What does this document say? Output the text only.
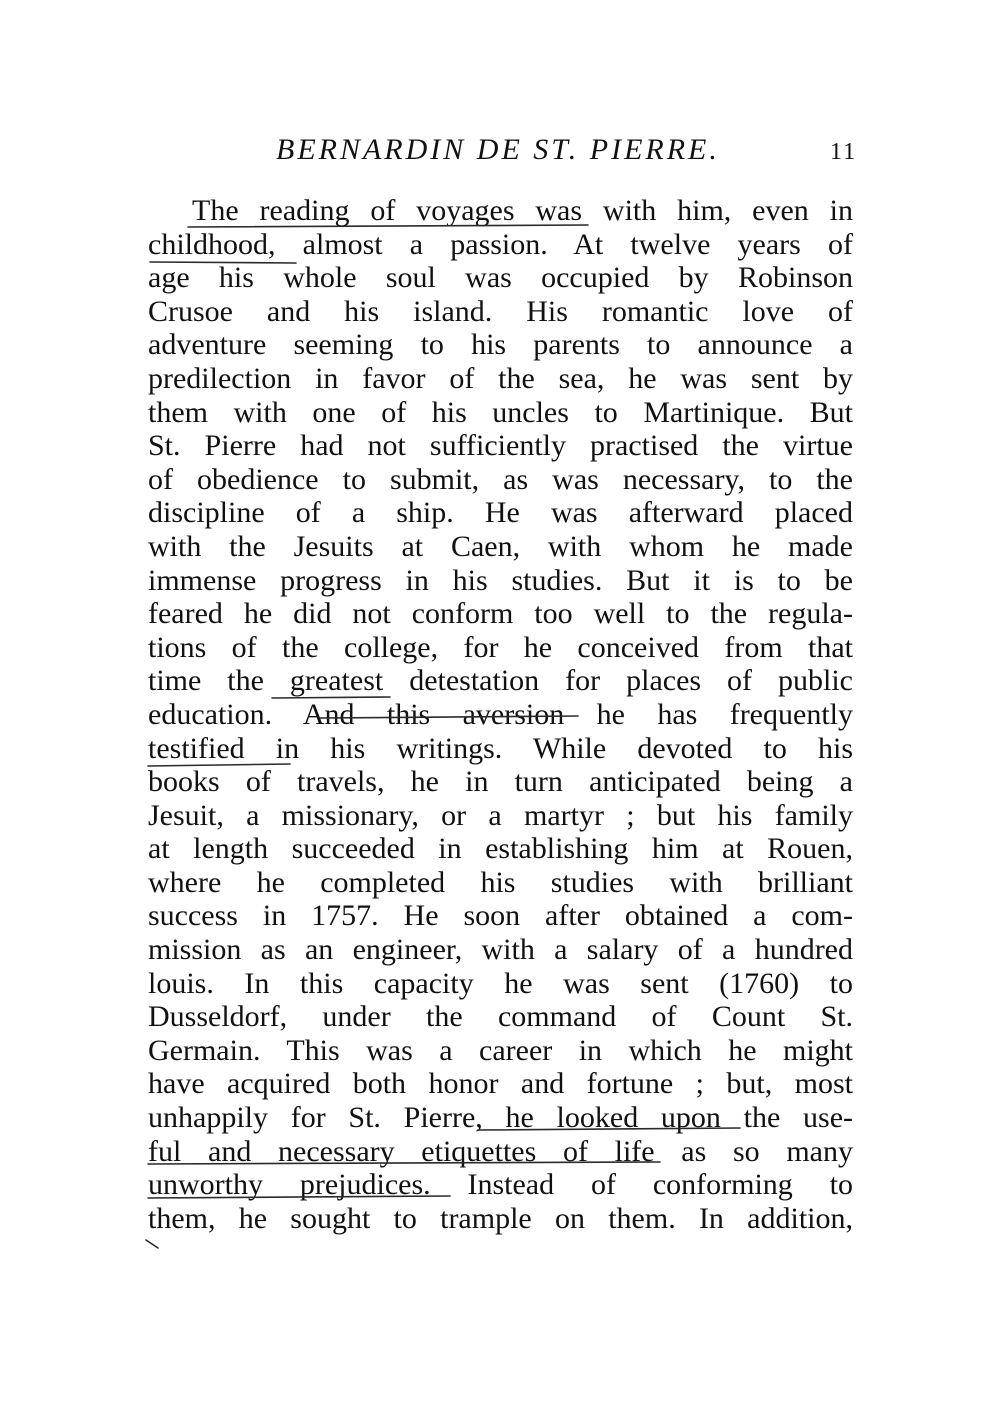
BERNARDIN DE ST. PIERRE.	11
The reading of voyages was with him, even in
childhood, almost a passion. At twelve years of
age his whole soul was occupied by Robinson
Crusoe and his island. His romantic love of
adventure seeming to his parents to announce a
predilection in favor of the sea, he was sent by
them with one of his uncles to Martinique. But
St. Pierre had not sufficiently practised the virtue
of obedience to submit, as was necessary, to the
discipline of a ship. He was afterward placed
with the Jesuits at Caen, with whom he made
immense progress in his studies. But it is to be
feared he did not conform too well to the regula-
tions of the college, for he conceived from that
time the greatest detestation for places of public
education. And this aversion he has frequently
testified in his writings. While devoted to his
books of travels, he in turn anticipated being a
Jesuit, a missionary, or a martyr ; but his family
at length succeeded in establishing him at Rouen,
where he completed his studies with brilliant
success in 1757. He soon after obtained a com-
mission as an engineer, with a salary of a hundred
louis. In this capacity he was sent (1760) to
Dusseldorf, under the command of Count St.
Germain. This was a career in which he might
have acquired both honor and fortune ; but, most
unhappily for St. Pierre, he looked upon the use-
ful and necessary etiquettes of life as so many
unworthy prejudices. Instead of conforming to
them, he sought to trample on them. In addition,
